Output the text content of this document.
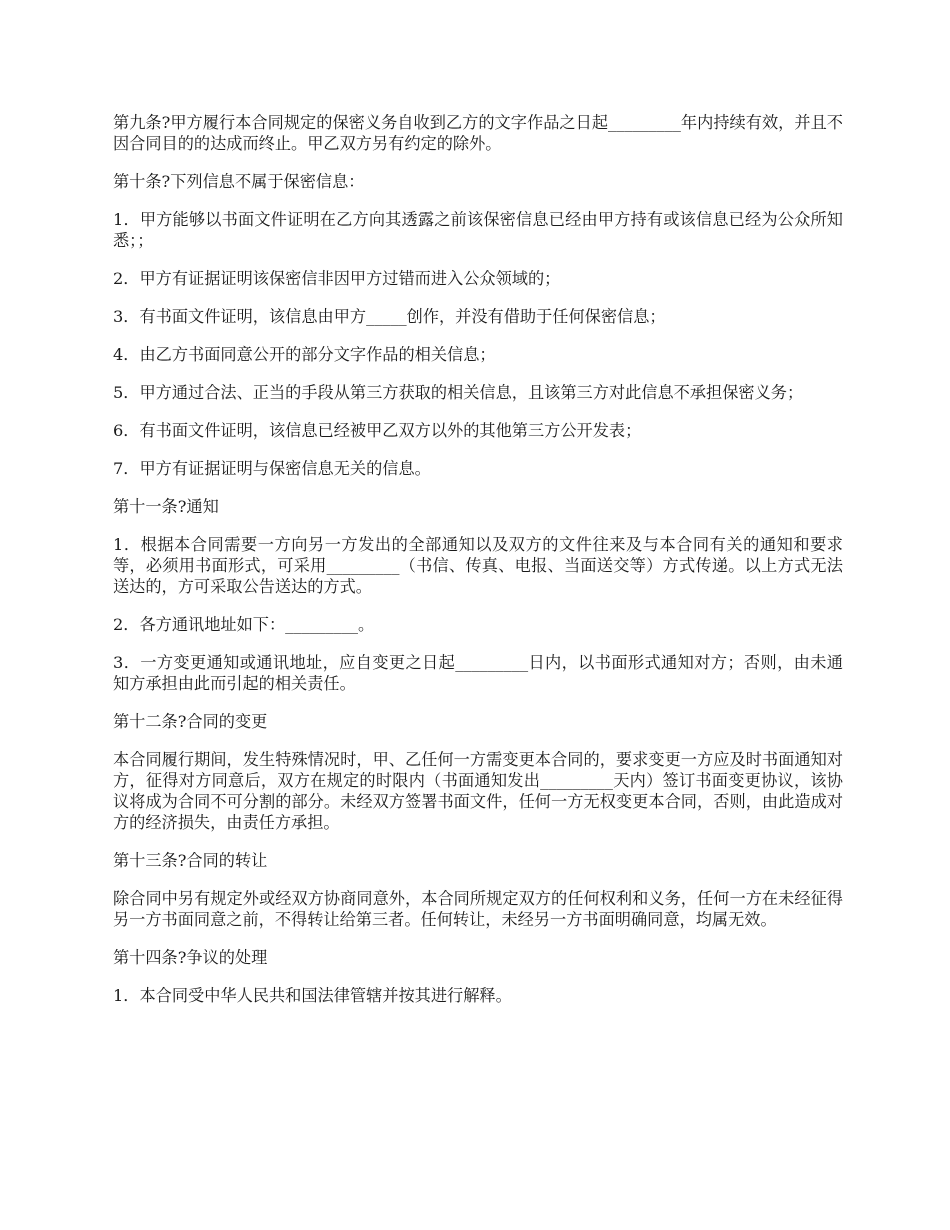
第九条?甲方履行本合同规定的保密义务自收到乙方的文字作品之日起_________年内持续有效，并且不因合同目的的达成而终止。甲乙双方另有约定的除外。

第十条?下列信息不属于保密信息：

1．甲方能够以书面文件证明在乙方向其透露之前该保密信息已经由甲方持有或该信息已经为公众所知悉；；

2．甲方有证据证明该保密信非因甲方过错而进入公众领域的；

3．有书面文件证明，该信息由甲方_____创作，并没有借助于任何保密信息；

4．由乙方书面同意公开的部分文字作品的相关信息；

5．甲方通过合法、正当的手段从第三方获取的相关信息，且该第三方对此信息不承担保密义务；

6．有书面文件证明，该信息已经被甲乙双方以外的其他第三方公开发表；

7．甲方有证据证明与保密信息无关的信息。

第十一条?通知

1．根据本合同需要一方向另一方发出的全部通知以及双方的文件往来及与本合同有关的通知和要求等，必须用书面形式，可采用_________（书信、传真、电报、当面送交等）方式传递。以上方式无法送达的，方可采取公告送达的方式。

2．各方通讯地址如下：_________。

3．一方变更通知或通讯地址，应自变更之日起_________日内，以书面形式通知对方；否则，由未通知方承担由此而引起的相关责任。

第十二条?合同的变更

本合同履行期间，发生特殊情况时，甲、乙任何一方需变更本合同的，要求变更一方应及时书面通知对方，征得对方同意后，双方在规定的时限内（书面通知发出_________天内）签订书面变更协议，该协议将成为合同不可分割的部分。未经双方签署书面文件，任何一方无权变更本合同，否则，由此造成对方的经济损失，由责任方承担。

第十三条?合同的转让

除合同中另有规定外或经双方协商同意外，本合同所规定双方的任何权利和义务，任何一方在未经征得另一方书面同意之前，不得转让给第三者。任何转让，未经另一方书面明确同意，均属无效。

第十四条?争议的处理

1．本合同受中华人民共和国法律管辖并按其进行解释。
